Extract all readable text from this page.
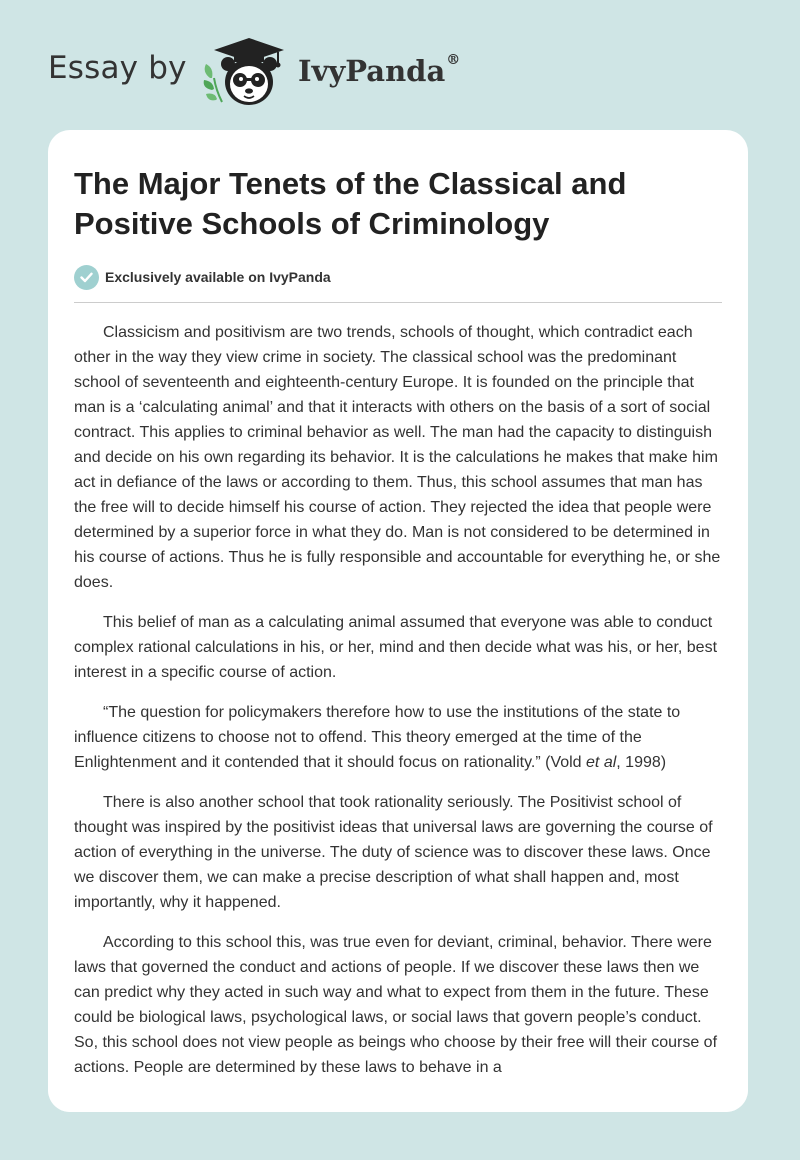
Essay by	IvyPanda®
The Major Tenets of the Classical and Positive Schools of Criminology
Exclusively available on IvyPanda

Classicism and positivism are two trends, schools of thought, which contradict each other in the way they view crime in society. The classical school was the predominant school of seventeenth and eighteenth-century Europe. It is founded on the principle that man is a ‘calculating animal’ and that it interacts with others on the basis of a sort of social contract. This applies to criminal behavior as well. The man had the capacity to distinguish and decide on his own regarding its behavior. It is the calculations he makes that make him act in defiance of the laws or according to them. Thus, this school assumes that man has the free will to decide himself his course of action. They rejected the idea that people were determined by a superior force in what they do. Man is not considered to be determined in his course of actions. Thus he is fully responsible and accountable for everything he, or she does.

This belief of man as a calculating animal assumed that everyone was able to conduct complex rational calculations in his, or her, mind and then decide what was his, or her, best interest in a specific course of action.

“The question for policymakers therefore how to use the institutions of the state to influence citizens to choose not to offend. This theory emerged at the time of the Enlightenment and it contended that it should focus on rationality.” (Vold et al, 1998)

There is also another school that took rationality seriously. The Positivist school of thought was inspired by the positivist ideas that universal laws are governing the course of action of everything in the universe. The duty of science was to discover these laws. Once we discover them, we can make a precise description of what shall happen and, most importantly, why it happened.

According to this school this, was true even for deviant, criminal, behavior. There were laws that governed the conduct and actions of people. If we discover these laws then we can predict why they acted in such way and what to expect from them in the future. These could be biological laws, psychological laws, or social laws that govern people’s conduct. So, this school does not view people as beings who choose by their free will their course of actions. People are determined by these laws to behave in a
